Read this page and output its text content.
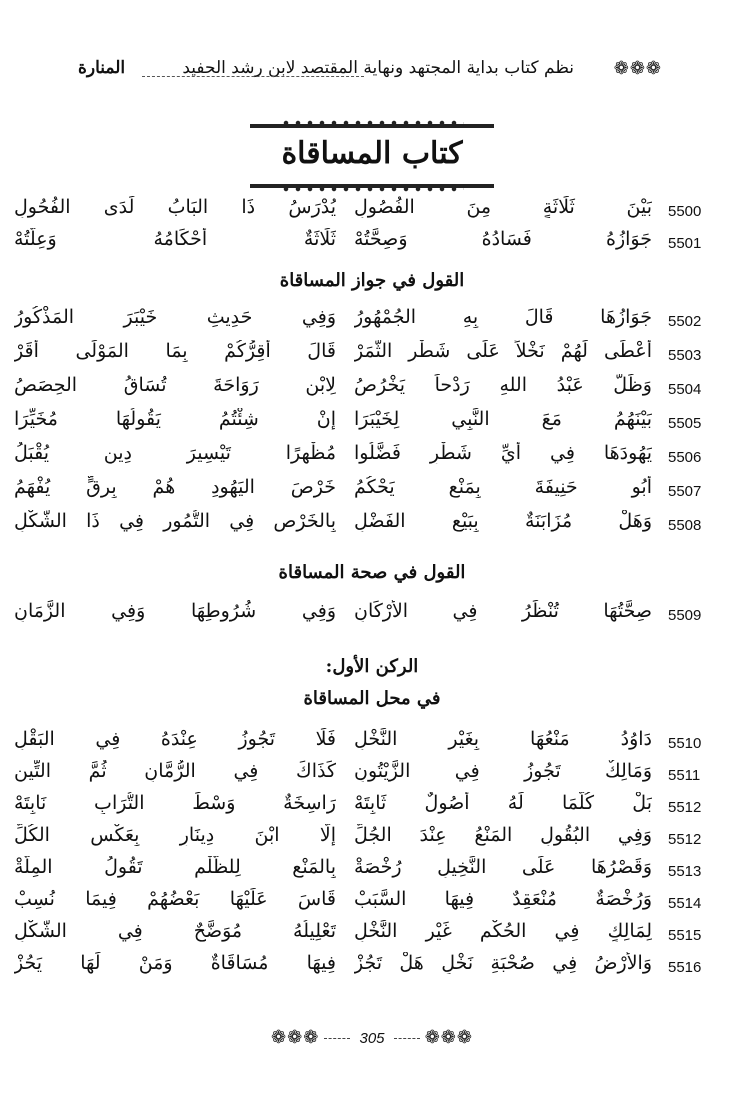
❁❁❁
نظم كتاب بداية المجتهد ونهاية المقتصد لابن رشد الحفيد
المنارة
كتاب المساقاة
5500
بَيْنَ ثَلَاثَةٍ مِنَ الفُصُولِ
يُدْرَسُ ذَا البَابُ لَدَى الفُحُولِ
5501
جَوَازُهُ فَسَادُهُ وَصِحَّتُهْ
ثَلَاثَةٌ أَحْكَامُهُ وَعِلَّتُهْ
القول في جواز المساقاة
5502
جَوَازُهَا قَالَ بِهِ الجُمْهُورُ
وَفِي حَدِيثِ خَيْبَرَ المَذْكُورُ
5503
أَعْطَى لَهُمْ نَخْلاً عَلَى شَطْرِ الثَّمَرْ
قَالَ أُقِرُّكُمْ بِمَا المَوْلَى أَقَرْ
5504
وَظَلَّ عَبْدُ اللهِ رَدْحاً يَخْرُصُ
لِابْنِ رَوَاحَةَ تُسَاقُ الحِصَصُ
5505
بَيْنَهُمُ مَعَ النَّبِي لِخَيْبَرَا
إِنْ شِئْتُمُ يَقُولُهَا مُخَيِّرَا
5506
يَهُودَهَا فِي أَيِّ شَطْرٍ فَضَّلُوا
مُظْهِرًا تَيْسِيرَ دِينٍ يُقْبَلُ
5507
أَبُو حَنِيفَةَ بِمَنْعٍ يَحْكُمُ
خَرْصَ اليَهُودِ هُمْ بِرِقٍّ يُفْهَمُ
5508
وَهَلْ مُزَابَنَةٌ بِبَيْعِ الفَضْلِ
بِالخَرْصِ فِي التُّمُورِ فِي ذَا الشَّكْلِ
القول في صحة المساقاة
5509
صِحَّتُهَا تُنْظَرُ فِي الأَرْكَانِ
وَفِي شُرُوطِهَا وَفِي الزَّمَانِ
الركن الأول:
في محل المساقاة
5510
دَاوُدُ مَنْعُهَا بِغَيْرِ النَّخْلِ
فَلَا تَجُوزُ عِنْدَهُ فِي البَقْلِ
5511
وَمَالِكٌ تَجُوزُ فِي الزَّيْتُونِ
كَذَاكَ فِي الرُّمَّانِ ثُمَّ التِّينِ
5512
بَلْ كُلَّمَا لَهُ أُصُولٌ ثَابِتَهْ
رَاسِخَةٌ وَسْطَ التُّرَابِ نَابِتَهْ
5512
وَفِي البُقُولِ المَنْعُ عِنْدَ الجُلِّ
إِلَّا ابْنَ دِينَارٍ بِعَكْسِ الكُلِّ
5513
وَقَصْرُهَا عَلَى النَّخِيلِ رُخْصَةْ
بِالمَنْعِ لِلظُّلْمِ تَقُولُ المِلَّةْ
5514
وَرُخْصَةٌ مُنْعَقِدٌ فِيهَا السَّبَبْ
قَاسَ عَلَيْهَا بَعْضُهُمْ فِيمَا نُسِبْ
5515
لِمَالِكٍ فِي الحُكْمِ غَيْرِ النَّخْلِ
تَعْلِيلُهُ مُوَضَّحٌ فِي الشَّكْلِ
5516
وَالأَرْضُ فِي صُحْبَةِ نَخْلٍ هَلْ تَجُزْ
فِيهَا مُسَاقَاةٌ وَمَنْ لَهَا يَحُزْ
❁❁❁	305 ❁❁❁
